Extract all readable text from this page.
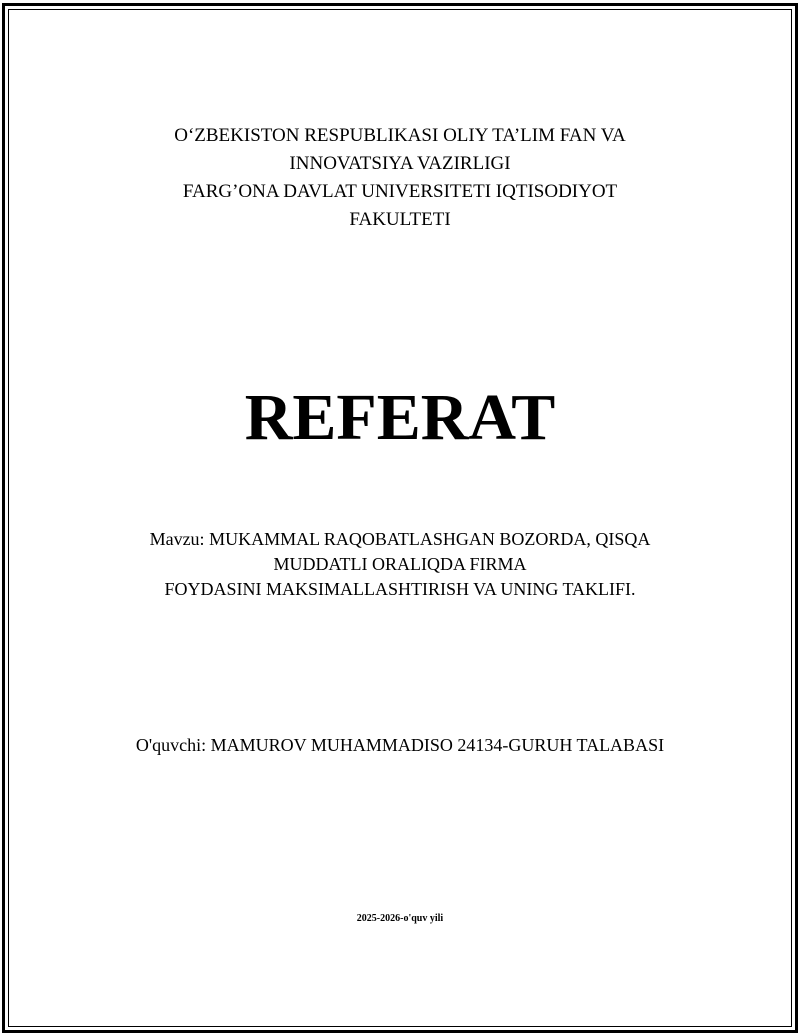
O‘ZBEKISTON RESPUBLIKASI OLIY TA’LIM FAN VA
INNOVATSIYA VAZIRLIGI
FARG’ONA DAVLAT UNIVERSITETI IQTISODIYOT
FAKULTETI
REFERAT
Mavzu: MUKAMMAL RAQOBATLASHGAN BOZORDA, QISQA
MUDDATLI ORALIQDA FIRMA
FOYDASINI MAKSIMALLASHTIRISH VA UNING TAKLIFI.
O'quvchi: MAMUROV MUHAMMADISO 24134-GURUH TALABASI
2025-2026-o'quv yili
